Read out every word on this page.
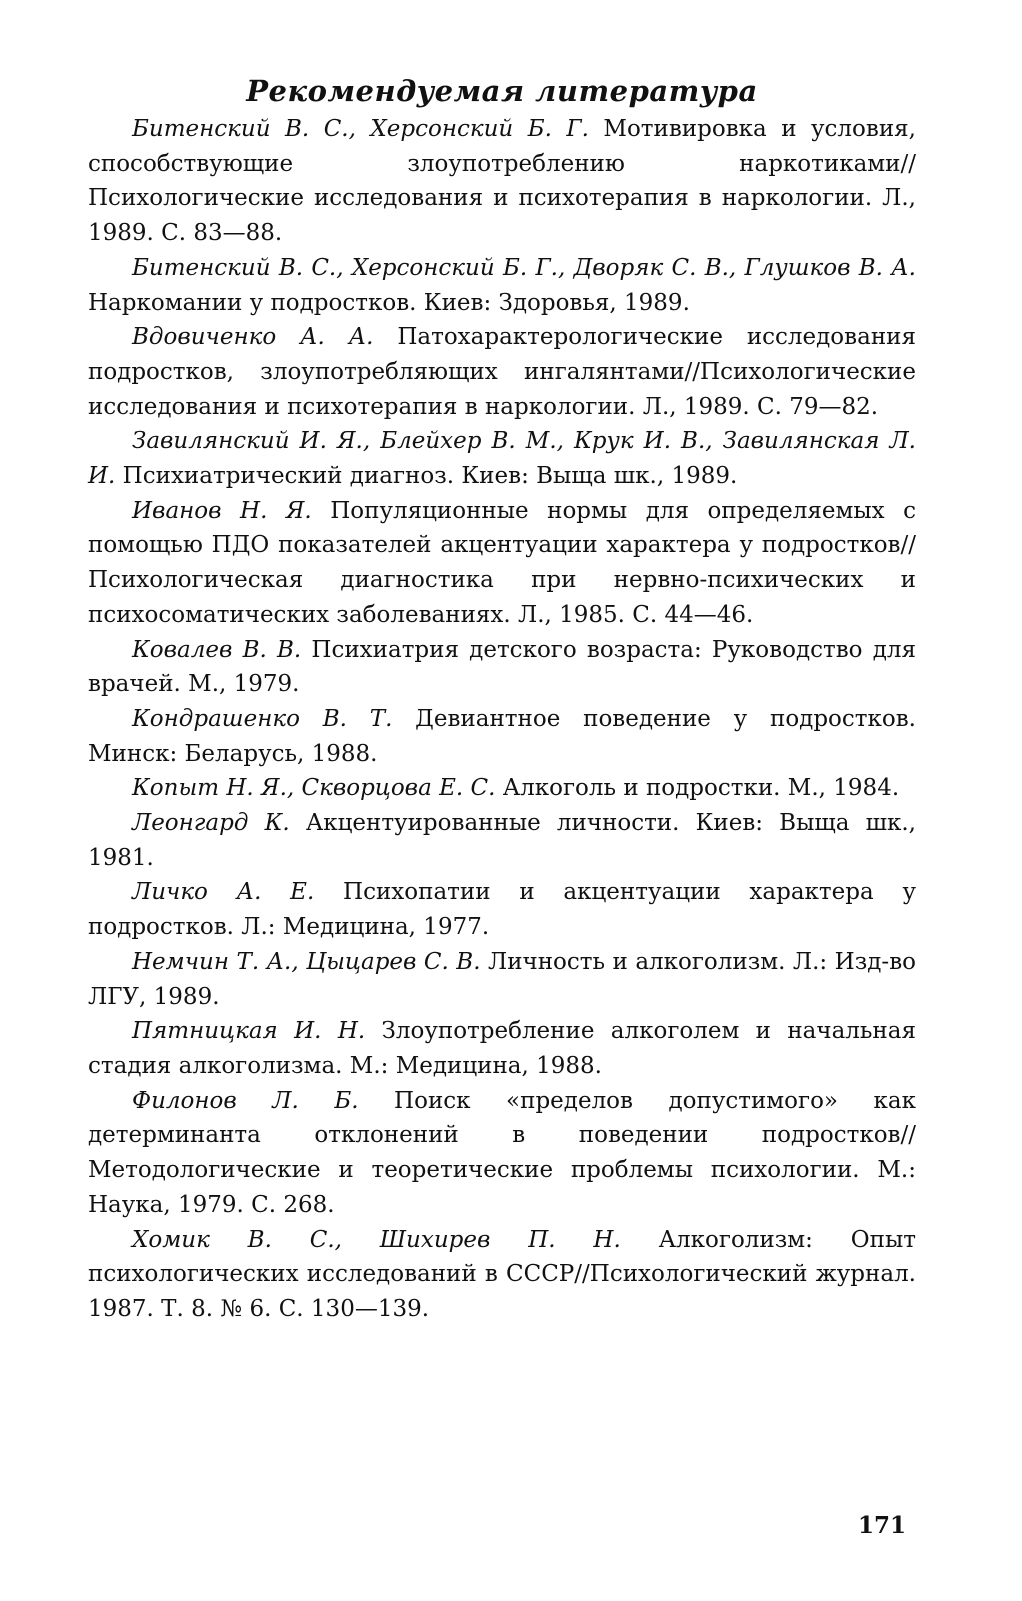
Рекомендуемая литература
Битенский В. С., Херсонский Б. Г. Мотивировка и условия, способствующие злоупотреблению наркотиками// Психологические исследования и психотерапия в наркологии. Л., 1989. С. 83—88.
Битенский В. С., Херсонский Б. Г., Дворяк С. В., Глушков В. А. Наркомании у подростков. Киев: Здоровья, 1989.
Вдовиченко А. А. Патохарактерологические исследования подростков, злоупотребляющих ингалянтами//Психологические исследования и психотерапия в наркологии. Л., 1989. С. 79—82.
Завилянский И. Я., Блейхер В. М., Крук И. В., Завилянская Л. И. Психиатрический диагноз. Киев: Выща шк., 1989.
Иванов Н. Я. Популяционные нормы для определяемых с помощью ПДО показателей акцентуации характера у подростков//Психологическая диагностика при нервно-психических и психосоматических заболеваниях. Л., 1985. С. 44—46.
Ковалев В. В. Психиатрия детского возраста: Руководство для врачей. М., 1979.
Кондрашенко В. Т. Девиантное поведение у подростков. Минск: Беларусь, 1988.
Копыт Н. Я., Скворцова Е. С. Алкоголь и подростки. М., 1984.
Леонгард К. Акцентуированные личности. Киев: Выща шк., 1981.
Личко А. Е. Психопатии и акцентуации характера у подростков. Л.: Медицина, 1977.
Немчин Т. А., Цыцарев С. В. Личность и алкоголизм. Л.: Изд-во ЛГУ, 1989.
Пятницкая И. Н. Злоупотребление алкоголем и начальная стадия алкоголизма. М.: Медицина, 1988.
Филонов Л. Б. Поиск «пределов допустимого» как детерминанта отклонений в поведении подростков//Методологические и теоретические проблемы психологии. М.: Наука, 1979. С. 268.
Хомик В. С., Шихирев П. Н. Алкоголизм: Опыт психологических исследований в СССР//Психологический журнал. 1987. Т. 8. № 6. С. 130—139.
171
